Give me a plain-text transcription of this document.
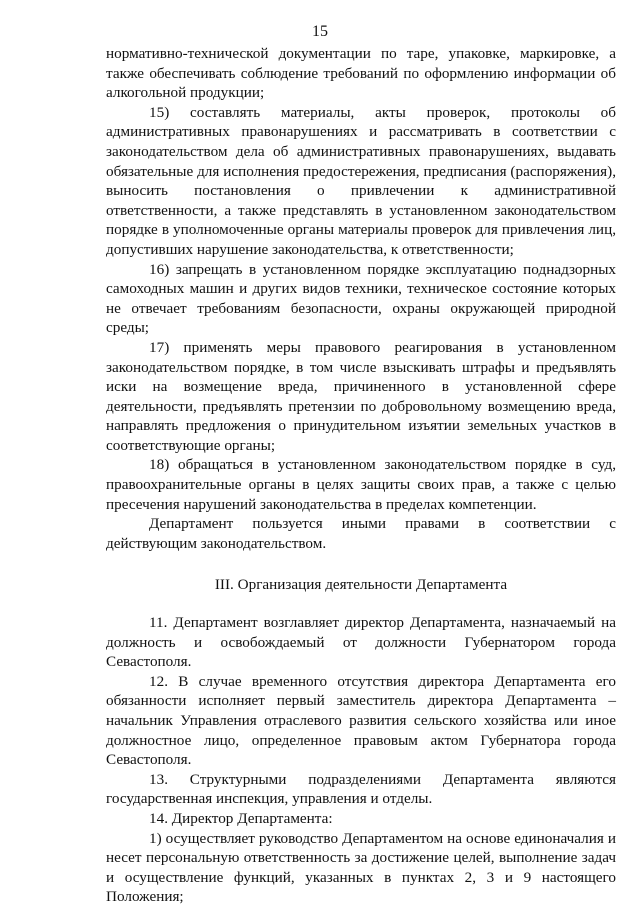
15

нормативно-технической документации по таре, упаковке, маркировке, а также обеспечивать соблюдение требований по оформлению информации об алкогольной продукции;

15) составлять материалы, акты проверок, протоколы об административных правонарушениях и рассматривать в соответствии с законодательством дела об административных правонарушениях, выдавать обязательные для исполнения предостережения, предписания (распоряжения), выносить постановления о привлечении к административной ответственности, а также представлять в установленном законодательством порядке в уполномоченные органы материалы проверок для привлечения лиц, допустивших нарушение законодательства, к ответственности;

16) запрещать в установленном порядке эксплуатацию поднадзорных самоходных машин и других видов техники, техническое состояние которых не отвечает требованиям безопасности, охраны окружающей природной среды;

17) применять меры правового реагирования в установленном законодательством порядке, в том числе взыскивать штрафы и предъявлять иски на возмещение вреда, причиненного в установленной сфере деятельности, предъявлять претензии по добровольному возмещению вреда, направлять предложения о принудительном изъятии земельных участков в соответствующие органы;

18) обращаться в установленном законодательством порядке в суд, правоохранительные органы в целях защиты своих прав, а также с целью пресечения нарушений законодательства в пределах компетенции.

Департамент пользуется иными правами в соответствии с действующим законодательством.

III. Организация деятельности Департамента

11. Департамент возглавляет директор Департамента, назначаемый на должность и освобождаемый от должности Губернатором города Севастополя.

12. В случае временного отсутствия директора Департамента его обязанности исполняет первый заместитель директора Департамента – начальник Управления отраслевого развития сельского хозяйства или иное должностное лицо, определенное правовым актом Губернатора города Севастополя.

13. Структурными подразделениями Департамента являются государственная инспекция, управления и отделы.

14. Директор Департамента:

1) осуществляет руководство Департаментом на основе единоначалия и несет персональную ответственность за достижение целей, выполнение задач и осуществление функций, указанных в пунктах 2, 3 и 9 настоящего Положения;
